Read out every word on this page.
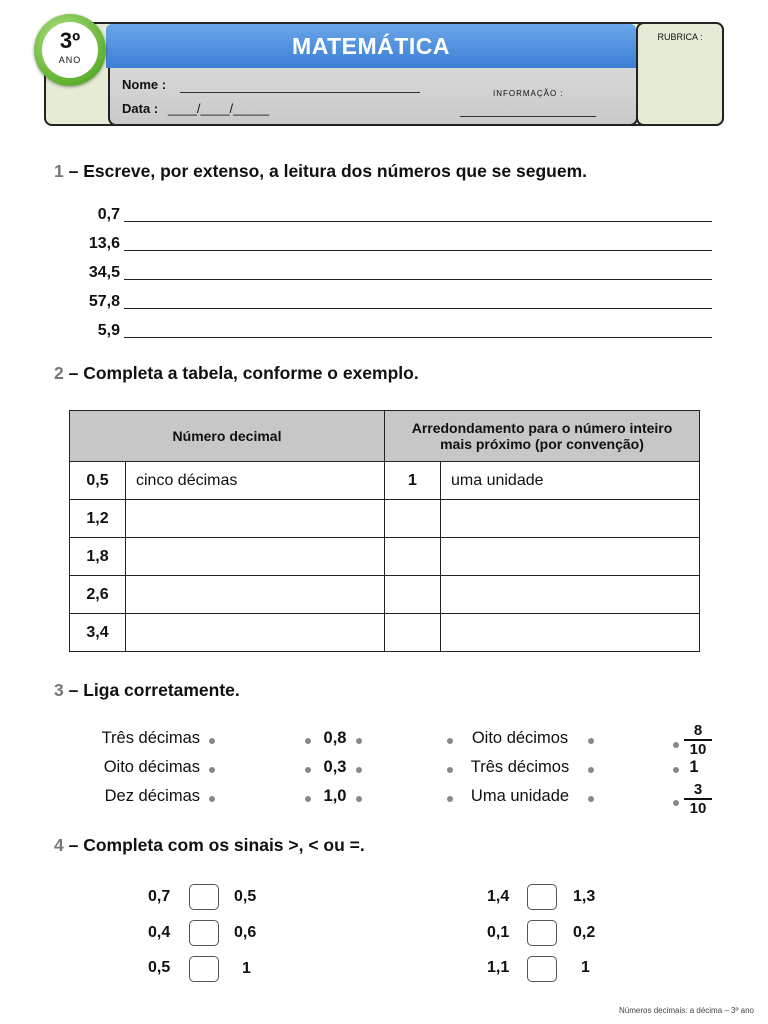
MATEMÁTICA	RUBRICA :
3º
ANO
Nome :
Data : ____/____/_____
INFORMAÇÃO :
1 – Escreve, por extenso, a leitura dos números que se seguem.
0,7
13,6
34,5
57,8
5,9
2 – Completa a tabela, conforme o exemplo.
Número decimal		Arredondamento para o número inteiro mais próximo (por convenção)	
0,5	cinco décimas	1	uma unidade
1,2			
1,8			
2,6			
3,4			
3 – Liga corretamente.
Três décimas
Oito décimas
Dez décimas
0,8
0,3
1,0
Oito décimos
Três décimos
Uma unidade
8
10
1
3
10
4 – Completa com os sinais >, < ou =.
0,7	0,5
0,4	0,6
0,5	1
1,4	1,3
0,1	0,2
1,1	1
Números decimais: a décima – 3º ano
